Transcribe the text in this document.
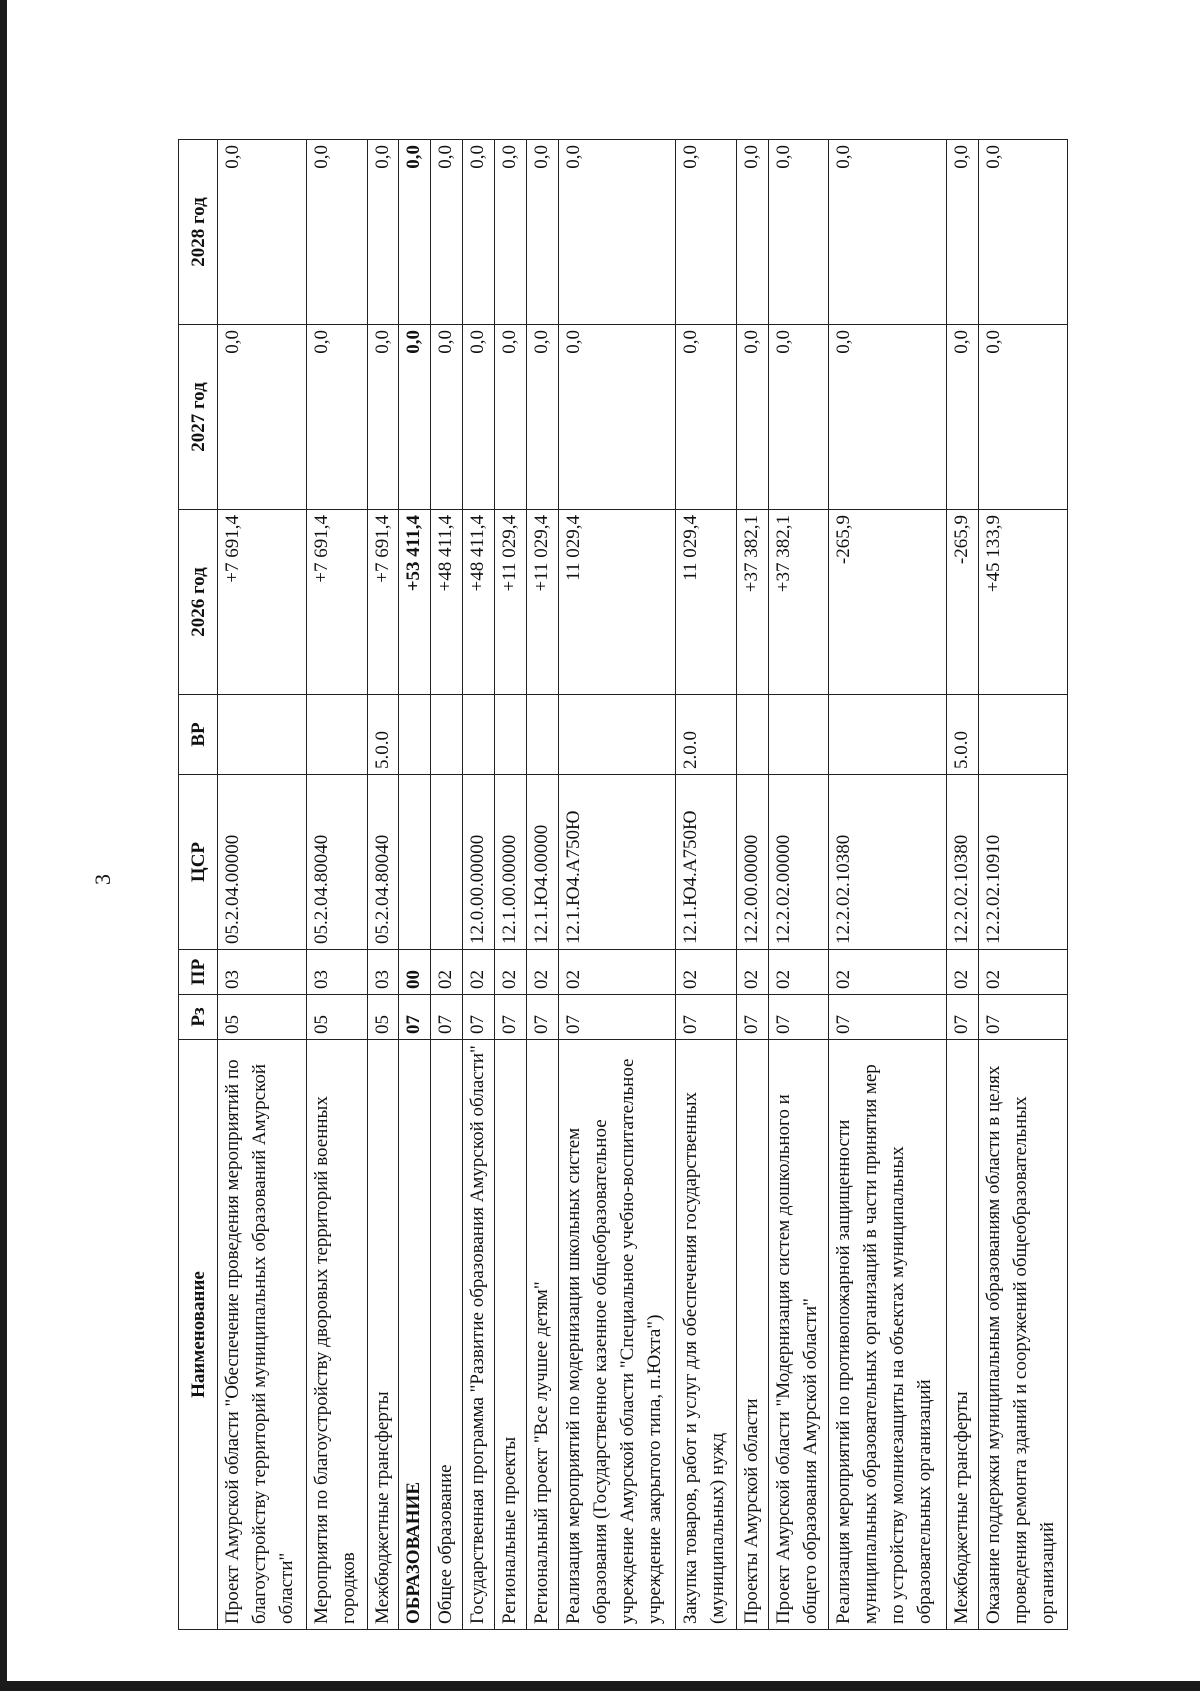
3
Наименование	Рз	ПР	ЦСР	ВР	2026 год	2027 год	2028 год
Проект Амурской области "Обеспечение проведения мероприятий по благоустройству территорий муниципальных образований Амурской области"	05	03	05.2.04.00000		+7 691,4	0,0	0,0
Мероприятия по благоустройству дворовых территорий военных городков	05	03	05.2.04.80040		+7 691,4	0,0	0,0
Межбюджетные трансферты	05	03	05.2.04.80040	5.0.0	+7 691,4	0,0	0,0
ОБРАЗОВАНИЕ	07	00			+53 411,4	0,0	0,0
Общее образование	07	02			+48 411,4	0,0	0,0
Государственная программа "Развитие образования Амурской области"	07	02	12.0.00.00000		+48 411,4	0,0	0,0
Региональные проекты	07	02	12.1.00.00000		+11 029,4	0,0	0,0
Региональный проект "Все лучшее детям"	07	02	12.1.Ю4.00000		+11 029,4	0,0	0,0
Реализация мероприятий по модернизации школьных систем образования (Государственное казенное общеобразовательное учреждение Амурской области "Специальное учебно-воспитательное учреждение закрытого типа, п.Юхта")	07	02	12.1.Ю4.А750Ю		11 029,4	0,0	0,0
Закупка товаров, работ и услуг для обеспечения государственных (муниципальных) нужд	07	02	12.1.Ю4.А750Ю	2.0.0	11 029,4	0,0	0,0
Проекты Амурской области	07	02	12.2.00.00000		+37 382,1	0,0	0,0
Проект Амурской области "Модернизация систем дошкольного и общего образования Амурской области"	07	02	12.2.02.00000		+37 382,1	0,0	0,0
Реализация мероприятий по противопожарной защищенности муниципальных образовательных организаций в части принятия мер по устройству молниезащиты на объектах муниципальных образовательных организаций	07	02	12.2.02.10380		-265,9	0,0	0,0
Межбюджетные трансферты	07	02	12.2.02.10380	5.0.0	-265,9	0,0	0,0
Оказание поддержки муниципальным образованиям области в целях проведения ремонта зданий и сооружений общеобразовательных организаций	07	02	12.2.02.10910		+45 133,9	0,0	0,0
